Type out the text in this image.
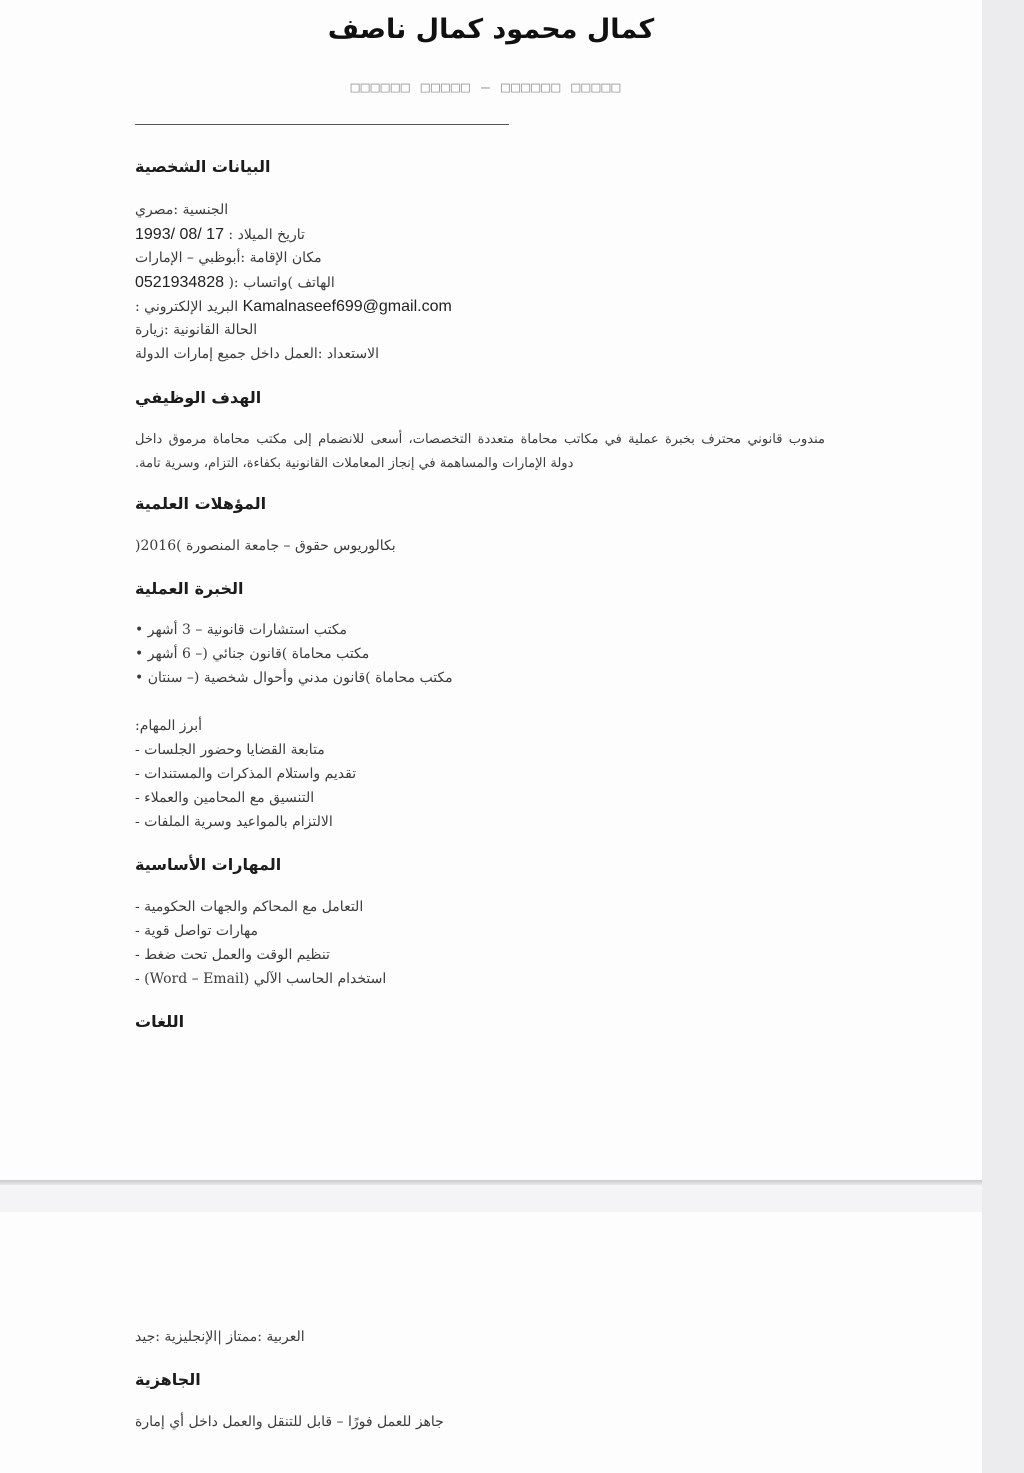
كمال محمود كمال ناصف
□□□□□□ □□□□□ – □□□□□□ □□□□□
البيانات الشخصية
الجنسية :مصري
1993/ 08/ 17 تاريخ الميلاد :
مكان الإقامة :أبوظبي – الإمارات
0521934828 الهاتف )واتساب :(
البريد الإلكتروني : Kamalnaseef699@gmail.com
الحالة القانونية :زيارة
الاستعداد :العمل داخل جميع إمارات الدولة
الهدف الوظيفي
مندوب قانوني محترف بخبرة عملية في مكاتب محاماة متعددة التخصصات، أسعى للانضمام إلى مكتب محاماة مرموق داخل
دولة الإمارات والمساهمة في إنجاز المعاملات القانونية بكفاءة، التزام، وسرية تامة.
المؤهلات العلمية
بكالوريوس حقوق – جامعة المنصورة )2016(
الخبرة العملية
مكتب استشارات قانونية – 3 أشهر •
مكتب محاماة )قانون جنائي (– 6 أشهر •
مكتب محاماة )قانون مدني وأحوال شخصية (– سنتان •
أبرز المهام:
متابعة القضايا وحضور الجلسات -
تقديم واستلام المذكرات والمستندات -
التنسيق مع المحامين والعملاء -
الالتزام بالمواعيد وسرية الملفات -
المهارات الأساسية
التعامل مع المحاكم والجهات الحكومية -
مهارات تواصل قوية -
تنظيم الوقت والعمل تحت ضغط -
استخدام الحاسب الآلي (Word – Email) -
اللغات
العربية :ممتاز |الإنجليزية :جيد
الجاهزية
جاهز للعمل فورًا – قابل للتنقل والعمل داخل أي إمارة
